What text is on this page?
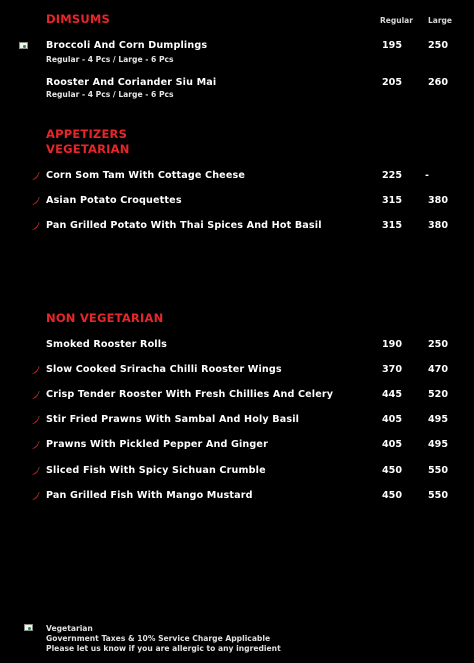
Regular Large
DIMSUMS
Broccoli And Corn Dumplings	195	250
Regular - 4 Pcs / Large - 6 Pcs
Rooster And Coriander Siu Mai	205	260
Regular - 4 Pcs / Large - 6 Pcs
APPETIZERS
VEGETARIAN
Corn Som Tam With Cottage Cheese	225 -
Asian Potato Croquettes	315	380
Pan Grilled Potato With Thai Spices And Hot Basil	315	380
NON VEGETARIAN
Smoked Rooster Rolls	190	250
Slow Cooked Sriracha Chilli Rooster Wings	370	470
Crisp Tender Rooster With Fresh Chillies And Celery	445	520
Stir Fried Prawns With Sambal And Holy Basil	405	495
Prawns With Pickled Pepper And Ginger	405	495
Sliced Fish With Spicy Sichuan Crumble	450	550
Pan Grilled Fish With Mango Mustard	450	550
Vegetarian
Government Taxes & 10% Service Charge Applicable
Please let us know if you are allergic to any ingredient
